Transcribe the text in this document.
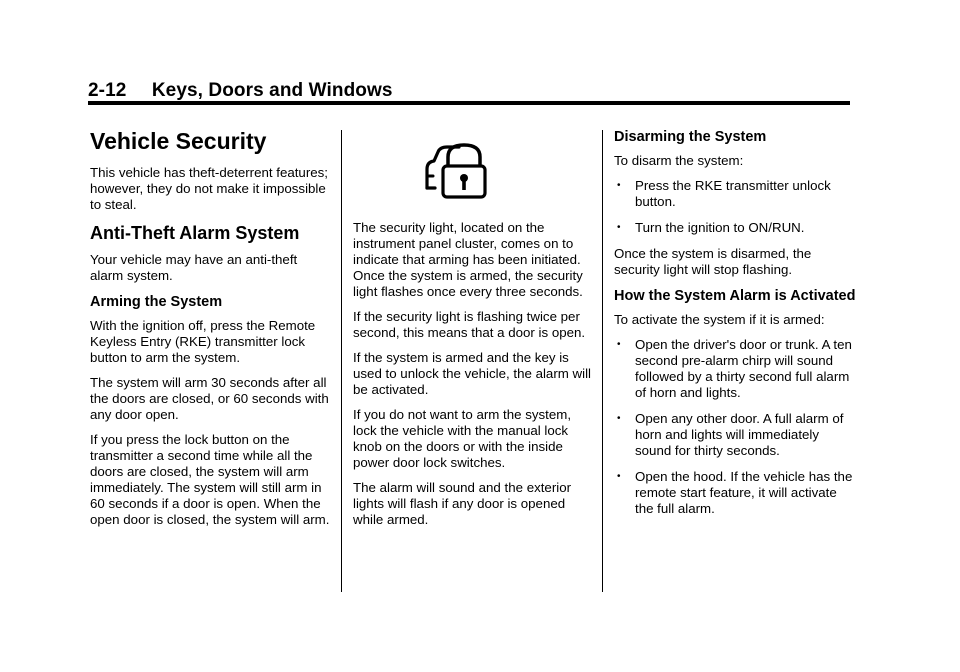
2-12 Keys, Doors and Windows
Vehicle Security

This vehicle has theft-deterrent features; however, they do not make it impossible to steal.

Anti-Theft Alarm System

Your vehicle may have an anti-theft alarm system.

Arming the System

With the ignition off, press the Remote Keyless Entry (RKE) transmitter lock button to arm the system.

The system will arm 30 seconds after all the doors are closed, or 60 seconds with any door open.

If you press the lock button on the transmitter a second time while all the doors are closed, the system will arm immediately. The system will still arm in 60 seconds if a door is open. When the open door is closed, the system will arm.

The security light, located on the instrument panel cluster, comes on to indicate that arming has been initiated. Once the system is armed, the security light flashes once every three seconds.

If the security light is flashing twice per second, this means that a door is open.

If the system is armed and the key is used to unlock the vehicle, the alarm will be activated.

If you do not want to arm the system, lock the vehicle with the manual lock knob on the doors or with the inside power door lock switches.

The alarm will sound and the exterior lights will flash if any door is opened while armed.

Disarming the System

To disarm the system:

• Press the RKE transmitter unlock button.
• Turn the ignition to ON/RUN.

Once the system is disarmed, the security light will stop flashing.

How the System Alarm is Activated

To activate the system if it is armed:

• Open the driver's door or trunk. A ten second pre-alarm chirp will sound followed by a thirty second full alarm of horn and lights.
• Open any other door. A full alarm of horn and lights will immediately sound for thirty seconds.
• Open the hood. If the vehicle has the remote start feature, it will activate the full alarm.
